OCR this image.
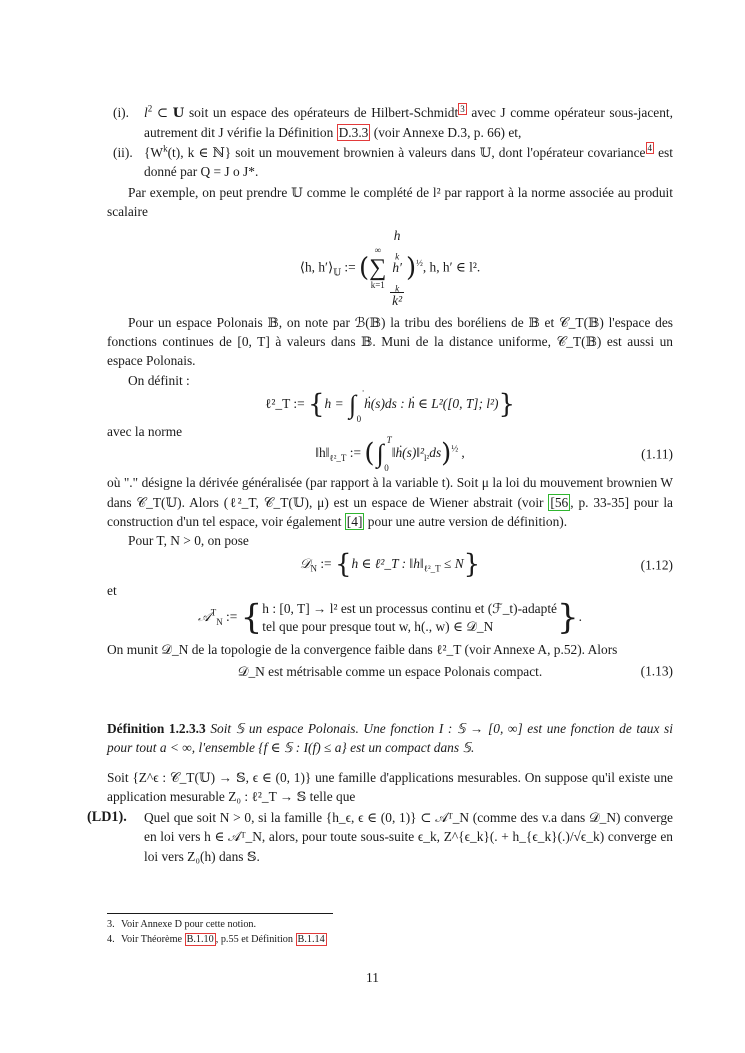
(i). $l^2$ ⊂ U soit un espace des opérateurs de Hilbert-Schmidt $^3$ avec J comme opérateur sous-jacent, autrement dit J vérifie la Définition D.3.3 (voir Annexe D.3, p. 66) et,
(ii). {$W^k(t)$, k ∈ ℕ} soit un mouvement brownien à valeurs dans 𝕌, dont l'opérateur covariance $^4$ est donné par Q = J o J*.

Par exemple, on peut prendre 𝕌 comme le complété de l² par rapport à la norme associée au produit scalaire

⟨h, $h'⟩_𝕌$ := (
∞
∑
k=1 h
$_k$
h′
$_k$
k² )$^{\frac{1}{2}}$, h, h′ ∈ l².

Pour un espace Polonais 𝔹, on note par ℬ(𝔹) la tribu des boréliens de 𝔹 et 𝒞_T(𝔹) l'espace des fonctions continues de [0, T] à valeurs dans 𝔹. Muni de la distance uniforme, 𝒞_T(𝔹) est aussi un espace Polonais.

On définit :

ℓ²_T := {h = ∫ ·
0
ḣ(s)ds : ḣ ∈ L²([0, T]; l²)}

avec la norme

$‖h‖_{\ell^2\_T}$ := (∫ T
0
$‖ḣ(s)‖^2_{l^2}ds)^{\frac{1}{2}}$ ,	(1.11)

où "." désigne la dérivée généralisée (par rapport à la variable t). Soit μ la loi du mouvement brownien W dans 𝒞_T(𝕌). Alors (ℓ²_T, 𝒞_T(𝕌), μ) est un espace de Wiener abstrait (voir [56 , p. 33-35] pour la construction d'un tel espace, voir également [4] pour une autre version de définition).

Pour T, N > 0, on pose

𝒟$_N$ := {h ∈ ℓ²_T : $‖h‖_{\ell^2\_T} \le N$}	(1.12)

et

𝒜$^T_N$ := { h : [0, T] → l² est un processus continu et (ℱ_t)-adapté
tel que pour presque tout w, h(., w) ∈ 𝒟_N	}.

On munit 𝒟_N de la topologie de la convergence faible dans ℓ²_T (voir Annexe A, p.52). Alors

𝒟_N est métrisable comme un espace Polonais compact.	(1.13)

Définition 1.2.3.3 Soit 𝕊 un espace Polonais. Une fonction I : 𝕊 → [0, ∞] est une fonction de taux si pour tout a < ∞, l'ensemble {f ∈ 𝕊 : I(f) ≤ a} est un compact dans 𝕊.

Soit {Z^ϵ : 𝒞_T(𝕌) → 𝕊, ϵ ∈ (0, 1)} une famille d'applications mesurables. On suppose qu'il existe une application mesurable Z₀ : ℓ²_T → 𝕊 telle que

(LD1). Quel que soit N > 0, si la famille {h_ϵ, ϵ ∈ (0, 1)} ⊂ 𝒜ᵀ_N (comme des v.a dans 𝒟_N) converge en loi vers h ∈ 𝒜ᵀ_N, alors, pour toute sous-suite ϵ_k, Z^{ϵ_k}(. + h_{ϵ_k}(.)/√ϵ_k) converge en loi vers Z₀(h) dans 𝕊.
3. Voir Annexe D pour cette notion.
4. Voir Théorème B.1.10 , p.55 et Définition B.1.14
11
